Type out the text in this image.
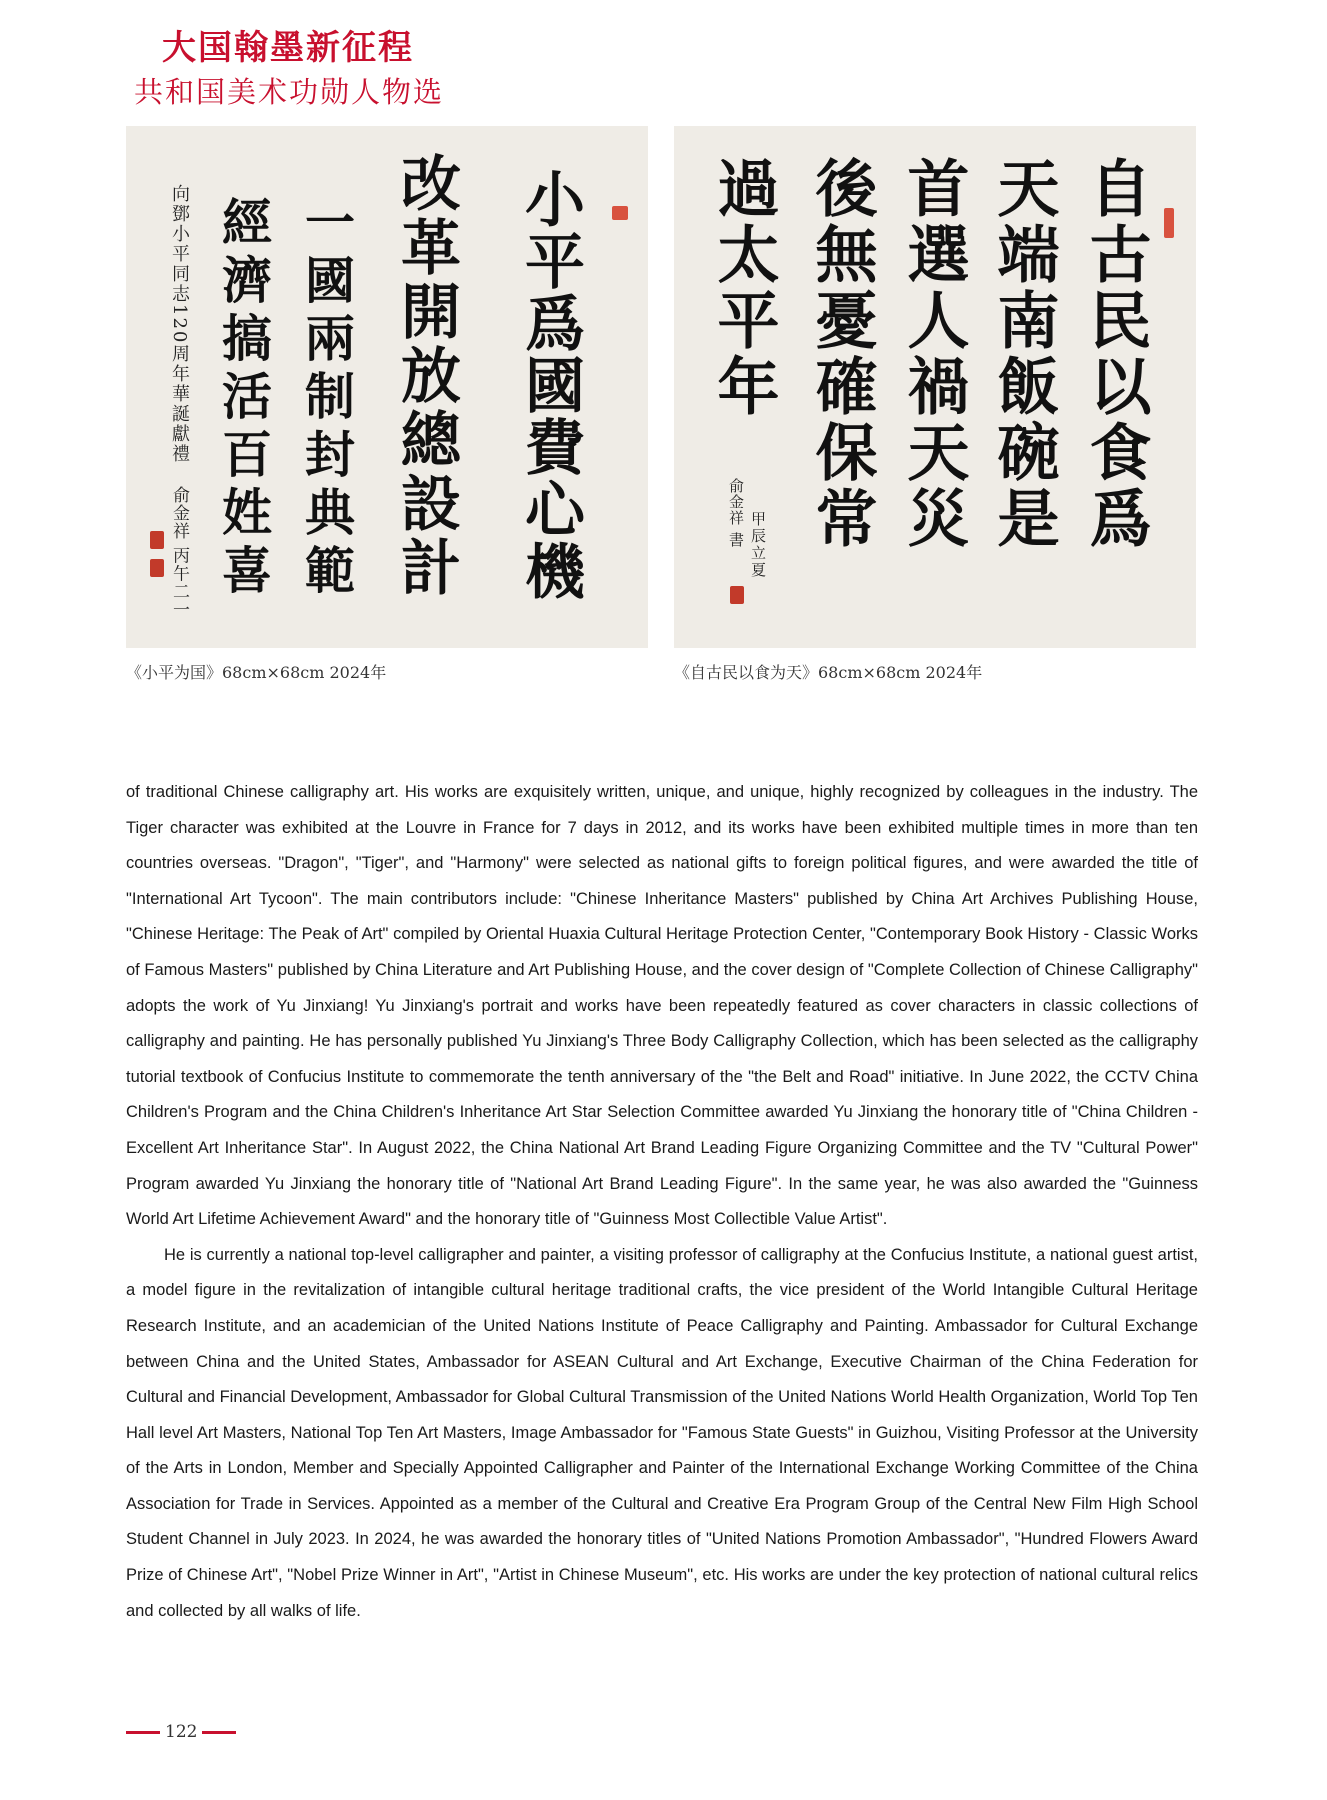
大国翰墨新征程
共和国美术功勋人物选
小平爲國費心機
改革開放總設計
一國兩制封典範
經濟搞活百姓喜
向鄧小平同志120周年華誕獻禮
俞金祥 丙午二一
自古民以食爲
天端南飯碗是
首選人禍天災
後無憂確保常
過太平年
甲辰立夏
俞金祥 書
《小平为国》68cm×68cm 2024年	《自古民以食为天》68cm×68cm 2024年

of traditional Chinese calligraphy art. His works are exquisitely written, unique, and unique, highly recognized by colleagues in the industry. The Tiger character was exhibited at the Louvre in France for 7 days in 2012, and its works have been exhibited multiple times in more than ten countries overseas. "Dragon", "Tiger", and "Harmony" were selected as national gifts to foreign political figures, and were awarded the title of "International Art Tycoon". The main contributors include: "Chinese Inheritance Masters" published by China Art Archives Publishing House, "Chinese Heritage: The Peak of Art" compiled by Oriental Huaxia Cultural Heritage Protection Center, "Contemporary Book History - Classic Works of Famous Masters" published by China Literature and Art Publishing House, and the cover design of "Complete Collection of Chinese Calligraphy" adopts the work of Yu Jinxiang! Yu Jinxiang's portrait and works have been repeatedly featured as cover characters in classic collections of calligraphy and painting. He has personally published Yu Jinxiang's Three Body Calligraphy Collection, which has been selected as the calligraphy tutorial textbook of Confucius Institute to commemorate the tenth anniversary of the "the Belt and Road" initiative. In June 2022, the CCTV China Children's Program and the China Children's Inheritance Art Star Selection Committee awarded Yu Jinxiang the honorary title of "China Children - Excellent Art Inheritance Star". In August 2022, the China National Art Brand Leading Figure Organizing Committee and the TV "Cultural Power" Program awarded Yu Jinxiang the honorary title of "National Art Brand Leading Figure". In the same year, he was also awarded the "Guinness World Art Lifetime Achievement Award" and the honorary title of "Guinness Most Collectible Value Artist".

He is currently a national top-level calligrapher and painter, a visiting professor of calligraphy at the Confucius Institute, a national guest artist, a model figure in the revitalization of intangible cultural heritage traditional crafts, the vice president of the World Intangible Cultural Heritage Research Institute, and an academician of the United Nations Institute of Peace Calligraphy and Painting. Ambassador for Cultural Exchange between China and the United States, Ambassador for ASEAN Cultural and Art Exchange, Executive Chairman of the China Federation for Cultural and Financial Development, Ambassador for Global Cultural Transmission of the United Nations World Health Organization, World Top Ten Hall level Art Masters, National Top Ten Art Masters, Image Ambassador for "Famous State Guests" in Guizhou, Visiting Professor at the University of the Arts in London, Member and Specially Appointed Calligrapher and Painter of the International Exchange Working Committee of the China Association for Trade in Services. Appointed as a member of the Cultural and Creative Era Program Group of the Central New Film High School Student Channel in July 2023. In 2024, he was awarded the honorary titles of "United Nations Promotion Ambassador", "Hundred Flowers Award Prize of Chinese Art", "Nobel Prize Winner in Art", "Artist in Chinese Museum", etc. His works are under the key protection of national cultural relics and collected by all walks of life.

122
